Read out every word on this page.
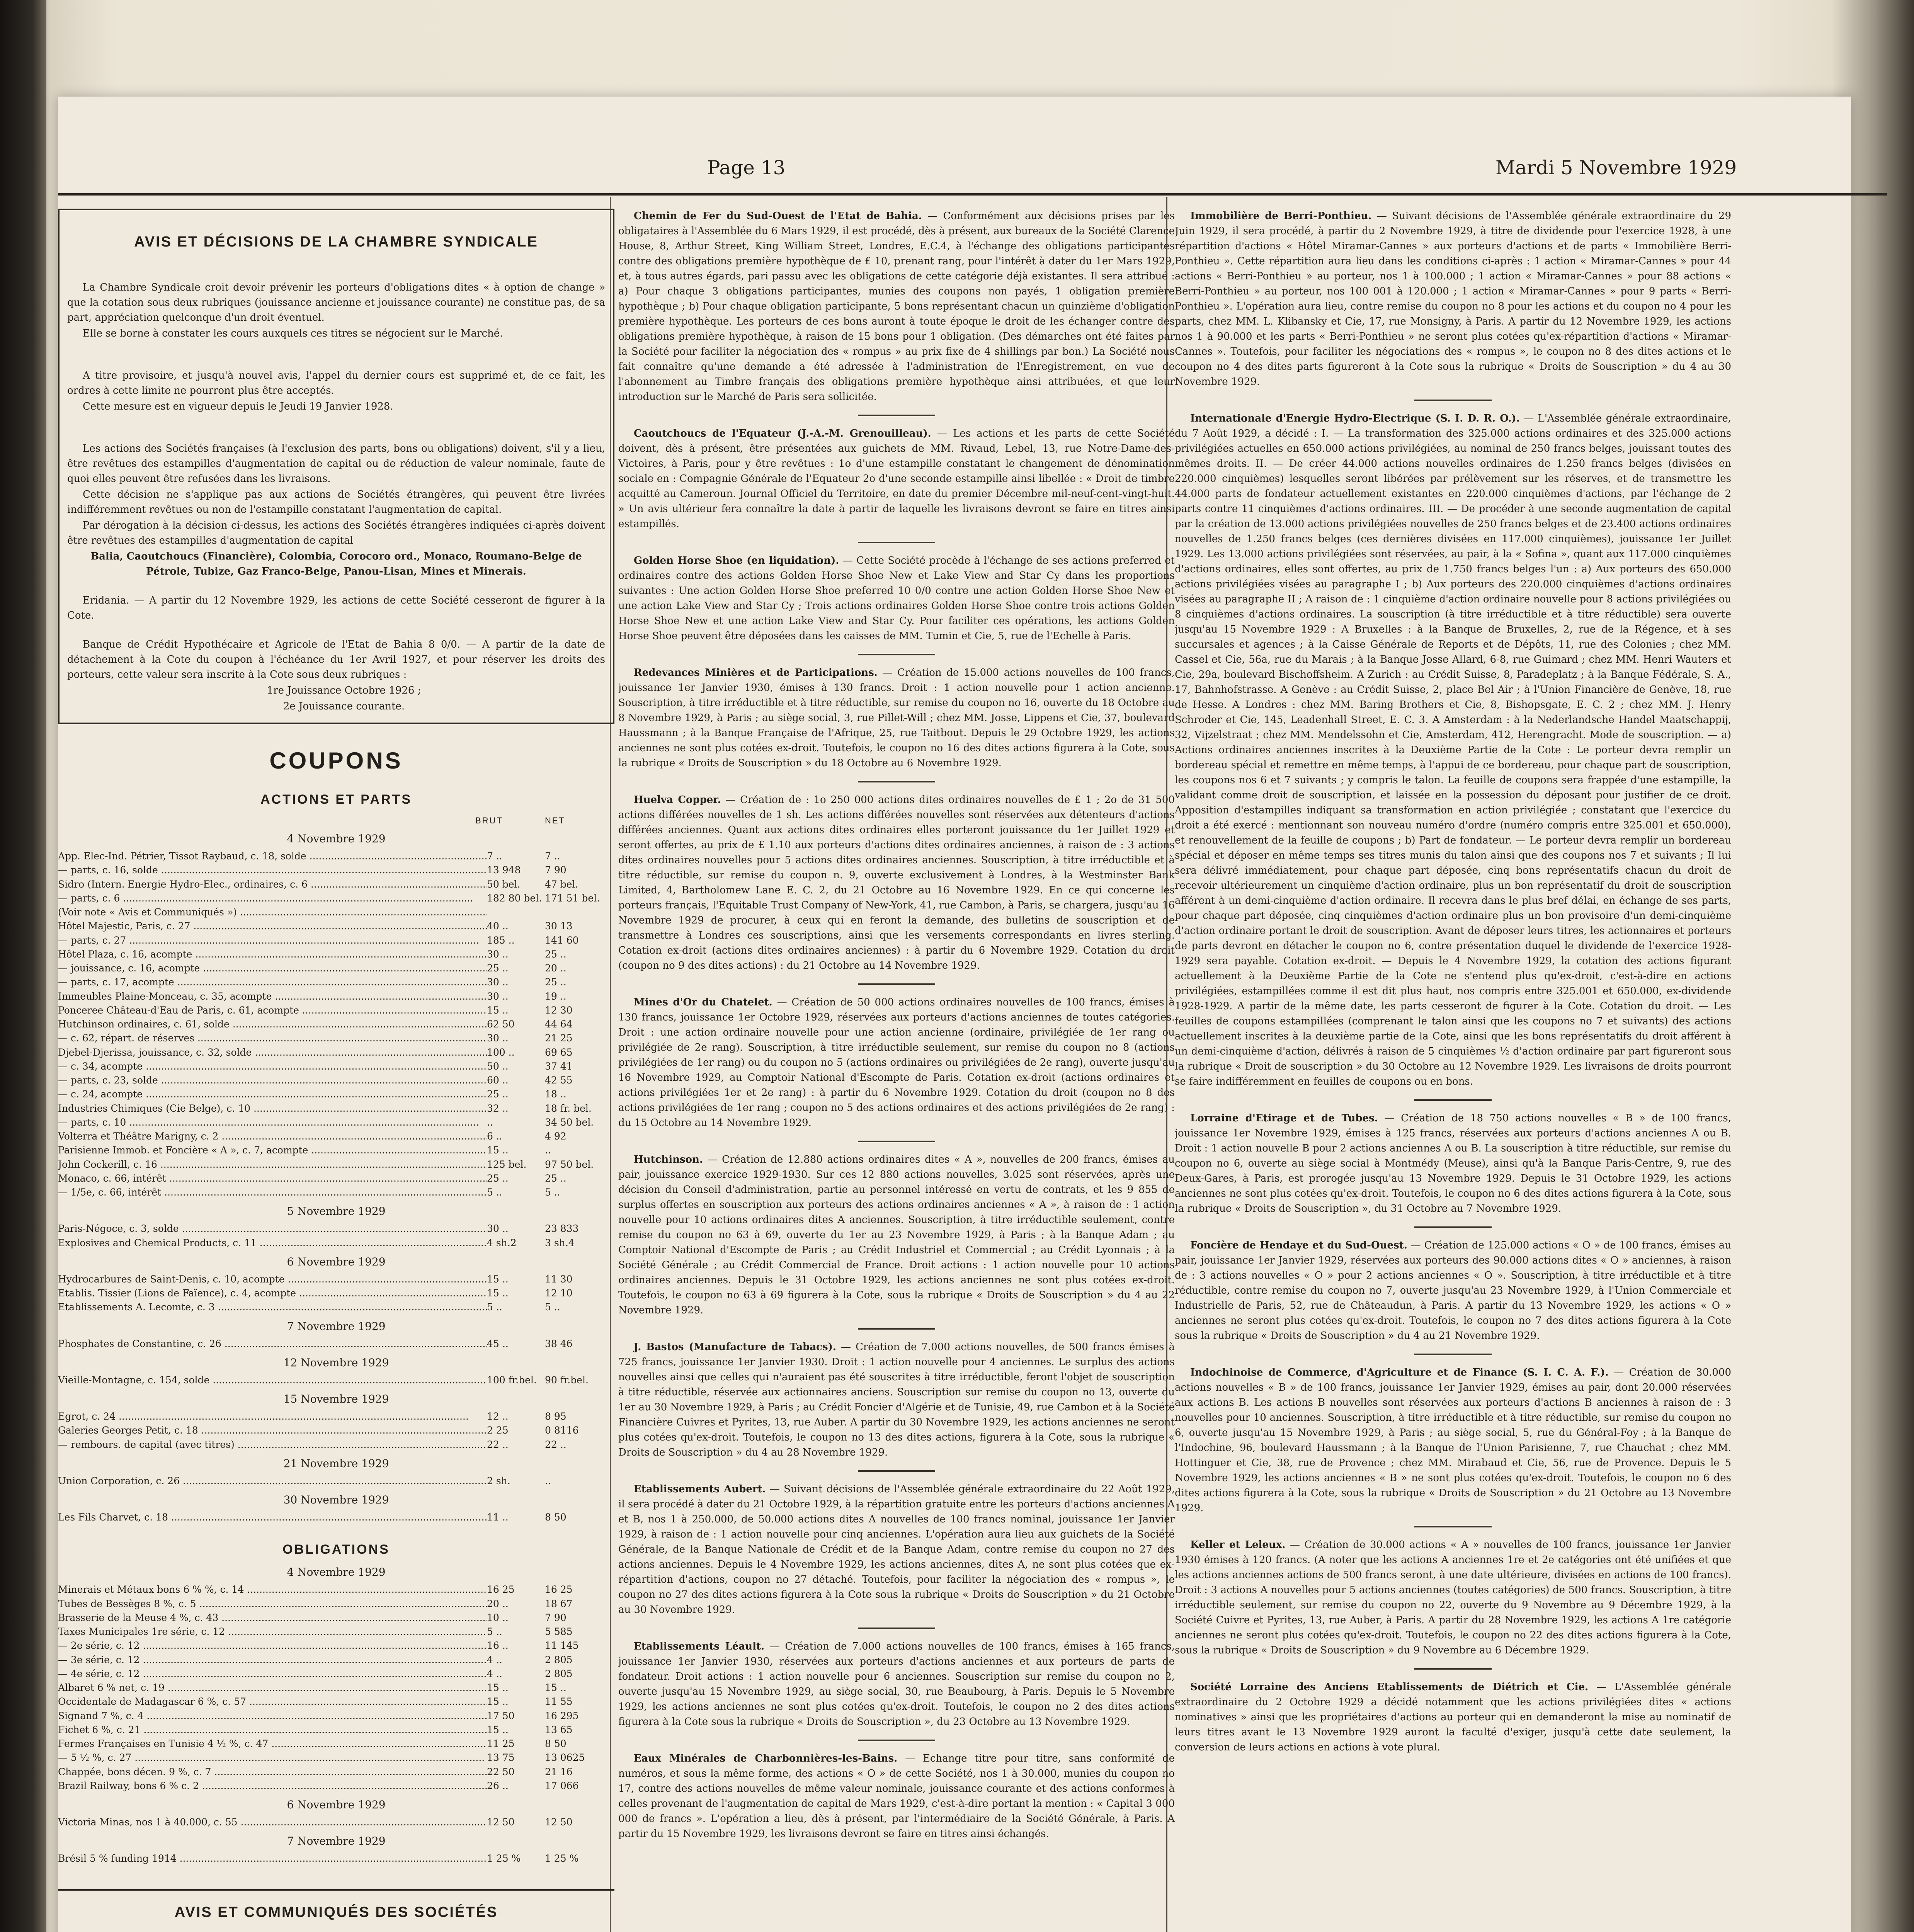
Page 13	Mardi 5 Novembre 1929
AVIS ET DÉCISIONS DE LA CHAMBRE SYNDICALE

La Chambre Syndicale croit devoir prévenir les porteurs d'obligations dites « à option de change » que la cotation sous deux rubriques (jouissance ancienne et jouissance courante) ne constitue pas, de sa part, appréciation quelconque d'un droit éventuel.

Elle se borne à constater les cours auxquels ces titres se négocient sur le Marché.

A titre provisoire, et jusqu'à nouvel avis, l'appel du dernier cours est supprimé et, de ce fait, les ordres à cette limite ne pourront plus être acceptés.

Cette mesure est en vigueur depuis le Jeudi 19 Janvier 1928.

Les actions des Sociétés françaises (à l'exclusion des parts, bons ou obligations) doivent, s'il y a lieu, être revêtues des estampilles d'augmentation de capital ou de réduction de valeur nominale, faute de quoi elles peuvent être refusées dans les livraisons.

Cette décision ne s'applique pas aux actions de Sociétés étrangères, qui peuvent être livrées indifféremment revêtues ou non de l'estampille constatant l'augmentation de capital.

Par dérogation à la décision ci-dessus, les actions des Sociétés étrangères indiquées ci-après doivent être revêtues des estampilles d'augmentation de capital

Balia, Caoutchoucs (Financière), Colombia, Corocoro ord., Monaco, Roumano-Belge de Pétrole, Tubize, Gaz Franco-Belge, Panou-Lisan, Mines et Minerais.

Eridania. — A partir du 12 Novembre 1929, les actions de cette Société cesseront de figurer à la Cote.

Banque de Crédit Hypothécaire et Agricole de l'Etat de Bahia 8 0/0. — A partir de la date de détachement à la Cote du coupon à l'échéance du 1er Avril 1927, et pour réserver les droits des porteurs, cette valeur sera inscrite à la Cote sous deux rubriques :

1re Jouissance Octobre 1926 ;

2e Jouissance courante.

COUPONS
ACTIONS ET PARTS
BRUT	NET
4 Novembre 1929
App. Elec-Ind. Pétrier, Tissot Raybaud, c. 18, solde .....	7 ..	7 ..
— parts, c. 16, solde .....	13 948	7 90
Sidro (Intern. Energie Hydro-Elec., ordinaires, c. 6 .....	50 bel.	47 bel.
— parts, c. 6 .....	182 80 bel. 171 51 bel.
(Voir note « Avis et Communiqués ») .....
Hôtel Majestic, Paris, c. 27 .....	40 ..	30 13
— parts, c. 27 .....	185 ..	141 60
Hôtel Plaza, c. 16, acompte .....	30 ..	25 ..
— jouissance, c. 16, acompte .....	25 ..	20 ..
— parts, c. 17, acompte .....	30 ..	25 ..
Immeubles Plaine-Monceau, c. 35, acompte .....	30 ..	19 ..
Ponceree Château-d'Eau de Paris, c. 61, acompte .....	15 ..	12 30
Hutchinson ordinaires, c. 61, solde .....	62 50	44 64
— c. 62, répart. de réserves .....	30 ..	21 25
Djebel-Djerissa, jouissance, c. 32, solde .....	100 ..	69 65
— c. 34, acompte .....	50 ..	37 41
— parts, c. 23, solde .....	60 ..	42 55
— c. 24, acompte .....	25 ..	18 ..
Industries Chimiques (Cie Belge), c. 10 .....	32 ..	18 fr. bel.
— parts, c. 10 .....	..	34 50 bel.
Volterra et Théâtre Marigny, c. 2 .....	6 ..	4 92
Parisienne Immob. et Foncière « A », c. 7, acompte .....	15 ..	..
John Cockerill, c. 16 .....	125 bel.	97 50 bel.
Monaco, c. 66, intérêt .....	25 ..	25 ..
— 1/5e, c. 66, intérêt .....	5 ..	5 ..
5 Novembre 1929
Paris-Négoce, c. 3, solde .....	30 ..	23 833
Explosives and Chemical Products, c. 11 .....	4 sh.2	3 sh.4
6 Novembre 1929
Hydrocarbures de Saint-Denis, c. 10, acompte .....	15 ..	11 30
Etablis. Tissier (Lions de Faïence), c. 4, acompte .....	15 ..	12 10
Etablissements A. Lecomte, c. 3 .....	5 ..	5 ..
7 Novembre 1929
Phosphates de Constantine, c. 26 .....	45 ..	38 46
12 Novembre 1929
Vieille-Montagne, c. 154, solde .....	100 fr.bel. 90 fr.bel.
15 Novembre 1929
Egrot, c. 24 .....	12 ..	8 95
Galeries Georges Petit, c. 18 .....	2 25	0 8116
— rembours. de capital (avec titres) .....	22 ..	22 ..
21 Novembre 1929
Union Corporation, c. 26 .....	2 sh.	..
30 Novembre 1929
Les Fils Charvet, c. 18 .....	11 ..	8 50
OBLIGATIONS
4 Novembre 1929
Minerais et Métaux bons 6 % %, c. 14 .....	16 25	16 25
Tubes de Bessèges 8 %, c. 5 .....	20 ..	18 67
Brasserie de la Meuse 4 %, c. 43 .....	10 ..	7 90
Taxes Municipales 1re série, c. 12 .....	5 ..	5 585
— 2e série, c. 12 .....	16 ..	11 145
— 3e série, c. 12 .....	4 ..	2 805
— 4e série, c. 12 .....	4 ..	2 805
Albaret 6 % net, c. 19 .....	15 ..	15 ..
Occidentale de Madagascar 6 %, c. 57 .....	15 ..	11 55
Signand 7 %, c. 4 .....	17 50	16 295
Fichet 6 %, c. 21 .....	15 ..	13 65
Fermes Françaises en Tunisie 4 ½ %, c. 47 .....	11 25	8 50
— 5 ½ %, c. 27 .....	13 75	13 0625
Chappée, bons décen. 9 %, c. 7 .....	22 50	21 16
Brazil Railway, bons 6 % c. 2 .....	26 ..	17 066
6 Novembre 1929
Victoria Minas, nos 1 à 40.000, c. 55 .....	12 50	12 50
7 Novembre 1929
Brésil 5 % funding 1914 .....	1 25 %	1 25 %
AVIS ET COMMUNIQUÉS DES SOCIÉTÉS

Chemin de Fer du Sud-Ouest de l'Etat de Bahia. — Conformément aux décisions prises par les obligataires à l'Assemblée du 6 Mars 1929, il est procédé, dès à présent, aux bureaux de la Société Clarence House, 8, Arthur Street, King William Street, Londres, E.C.4, à l'échange des obligations participantes contre des obligations première hypothèque de £ 10, prenant rang, pour l'intérêt à dater du 1er Mars 1929, et, à tous autres égards, pari passu avec les obligations de cette catégorie déjà existantes. Il sera attribué : a) Pour chaque 3 obligations participantes, munies des coupons non payés, 1 obligation première hypothèque ; b) Pour chaque obligation participante, 5 bons représentant chacun un quinzième d'obligation première hypothèque. Les porteurs de ces bons auront à toute époque le droit de les échanger contre des obligations première hypothèque, à raison de 15 bons pour 1 obligation. (Des démarches ont été faites par la Société pour faciliter la négociation des « rompus » au prix fixe de 4 shillings par bon.) La Société nous fait connaître qu'une demande a été adressée à l'administration de l'Enregistrement, en vue de l'abonnement au Timbre français des obligations première hypothèque ainsi attribuées, et que leur introduction sur le Marché de Paris sera sollicitée.

Caoutchoucs de l'Equateur (J.-A.-M. Grenouilleau). — Les actions et les parts de cette Société doivent, dès à présent, être présentées aux guichets de MM. Rivaud, Lebel, 13, rue Notre-Dame-des-Victoires, à Paris, pour y être revêtues : 1o d'une estampille constatant le changement de dénomination sociale en : Compagnie Générale de l'Equateur 2o d'une seconde estampille ainsi libellée : « Droit de timbre acquitté au Cameroun. Journal Officiel du Territoire, en date du premier Décembre mil-neuf-cent-vingt-huit. » Un avis ultérieur fera connaître la date à partir de laquelle les livraisons devront se faire en titres ainsi estampillés.

Golden Horse Shoe (en liquidation). — Cette Société procède à l'échange de ses actions preferred et ordinaires contre des actions Golden Horse Shoe New et Lake View and Star Cy dans les proportions suivantes : Une action Golden Horse Shoe preferred 10 0/0 contre une action Golden Horse Shoe New et une action Lake View and Star Cy ; Trois actions ordinaires Golden Horse Shoe contre trois actions Golden Horse Shoe New et une action Lake View and Star Cy. Pour faciliter ces opérations, les actions Golden Horse Shoe peuvent être déposées dans les caisses de MM. Tumin et Cie, 5, rue de l'Echelle à Paris.

Redevances Minières et de Participations. — Création de 15.000 actions nouvelles de 100 francs, jouissance 1er Janvier 1930, émises à 130 francs. Droit : 1 action nouvelle pour 1 action ancienne. Souscription, à titre irréductible et à titre réductible, sur remise du coupon no 16, ouverte du 18 Octobre au 8 Novembre 1929, à Paris ; au siège social, 3, rue Pillet-Will ; chez MM. Josse, Lippens et Cie, 37, boulevard Haussmann ; à la Banque Française de l'Afrique, 25, rue Taitbout. Depuis le 29 Octobre 1929, les actions anciennes ne sont plus cotées ex-droit. Toutefois, le coupon no 16 des dites actions figurera à la Cote, sous la rubrique « Droits de Souscription » du 18 Octobre au 6 Novembre 1929.

Huelva Copper. — Création de : 1o 250 000 actions dites ordinaires nouvelles de £ 1 ; 2o de 31 500 actions différées nouvelles de 1 sh. Les actions différées nouvelles sont réservées aux détenteurs d'actions différées anciennes. Quant aux actions dites ordinaires elles porteront jouissance du 1er Juillet 1929 et seront offertes, au prix de £ 1.10 aux porteurs d'actions dites ordinaires anciennes, à raison de : 3 actions dites ordinaires nouvelles pour 5 actions dites ordinaires anciennes. Souscription, à titre irréductible et à titre réductible, sur remise du coupon n. 9, ouverte exclusivement à Londres, à la Westminster Bank Limited, 4, Bartholomew Lane E. C. 2, du 21 Octobre au 16 Novembre 1929. En ce qui concerne les porteurs français, l'Equitable Trust Company of New-York, 41, rue Cambon, à Paris, se chargera, jusqu'au 16 Novembre 1929 de procurer, à ceux qui en feront la demande, des bulletins de souscription et de transmettre à Londres ces souscriptions, ainsi que les versements correspondants en livres sterling. Cotation ex-droit (actions dites ordinaires anciennes) : à partir du 6 Novembre 1929. Cotation du droit (coupon no 9 des dites actions) : du 21 Octobre au 14 Novembre 1929.

Mines d'Or du Chatelet. — Création de 50 000 actions ordinaires nouvelles de 100 francs, émises à 130 francs, jouissance 1er Octobre 1929, réservées aux porteurs d'actions anciennes de toutes catégories. Droit : une action ordinaire nouvelle pour une action ancienne (ordinaire, privilégiée de 1er rang ou privilégiée de 2e rang). Souscription, à titre irréductible seulement, sur remise du coupon no 8 (actions privilégiées de 1er rang) ou du coupon no 5 (actions ordinaires ou privilégiées de 2e rang), ouverte jusqu'au 16 Novembre 1929, au Comptoir National d'Escompte de Paris. Cotation ex-droit (actions ordinaires et actions privilégiées 1er et 2e rang) : à partir du 6 Novembre 1929. Cotation du droit (coupon no 8 des actions privilégiées de 1er rang ; coupon no 5 des actions ordinaires et des actions privilégiées de 2e rang) : du 15 Octobre au 14 Novembre 1929.

Hutchinson. — Création de 12.880 actions ordinaires dites « A », nouvelles de 200 francs, émises au pair, jouissance exercice 1929-1930. Sur ces 12 880 actions nouvelles, 3.025 sont réservées, après une décision du Conseil d'administration, partie au personnel intéressé en vertu de contrats, et les 9 855 de surplus offertes en souscription aux porteurs des actions ordinaires anciennes « A », à raison de : 1 action nouvelle pour 10 actions ordinaires dites A anciennes. Souscription, à titre irréductible seulement, contre remise du coupon no 63 à 69, ouverte du 1er au 23 Novembre 1929, à Paris ; à la Banque Adam ; au Comptoir National d'Escompte de Paris ; au Crédit Industriel et Commercial ; au Crédit Lyonnais ; à la Société Générale ; au Crédit Commercial de France. Droit actions : 1 action nouvelle pour 10 actions ordinaires anciennes. Depuis le 31 Octobre 1929, les actions anciennes ne sont plus cotées ex-droit. Toutefois, le coupon no 63 à 69 figurera à la Cote, sous la rubrique « Droits de Souscription » du 4 au 22 Novembre 1929.

J. Bastos (Manufacture de Tabacs). — Création de 7.000 actions nouvelles, de 500 francs émises à 725 francs, jouissance 1er Janvier 1930. Droit : 1 action nouvelle pour 4 anciennes. Le surplus des actions nouvelles ainsi que celles qui n'auraient pas été souscrites à titre irréductible, feront l'objet de souscription à titre réductible, réservée aux actionnaires anciens. Souscription sur remise du coupon no 13, ouverte du 1er au 30 Novembre 1929, à Paris ; au Crédit Foncier d'Algérie et de Tunisie, 49, rue Cambon et à la Société Financière Cuivres et Pyrites, 13, rue Auber. A partir du 30 Novembre 1929, les actions anciennes ne seront plus cotées qu'ex-droit. Toutefois, le coupon no 13 des dites actions, figurera à la Cote, sous la rubrique « Droits de Souscription » du 4 au 28 Novembre 1929.

Etablissements Aubert. — Suivant décisions de l'Assemblée générale extraordinaire du 22 Août 1929, il sera procédé à dater du 21 Octobre 1929, à la répartition gratuite entre les porteurs d'actions anciennes A et B, nos 1 à 250.000, de 50.000 actions dites A nouvelles de 100 francs nominal, jouissance 1er Janvier 1929, à raison de : 1 action nouvelle pour cinq anciennes. L'opération aura lieu aux guichets de la Société Générale, de la Banque Nationale de Crédit et de la Banque Adam, contre remise du coupon no 27 des actions anciennes. Depuis le 4 Novembre 1929, les actions anciennes, dites A, ne sont plus cotées que ex-répartition d'actions, coupon no 27 détaché. Toutefois, pour faciliter la négociation des « rompus », le coupon no 27 des dites actions figurera à la Cote sous la rubrique « Droits de Souscription » du 21 Octobre au 30 Novembre 1929.

Etablissements Léault. — Création de 7.000 actions nouvelles de 100 francs, émises à 165 francs, jouissance 1er Janvier 1930, réservées aux porteurs d'actions anciennes et aux porteurs de parts de fondateur. Droit actions : 1 action nouvelle pour 6 anciennes. Souscription sur remise du coupon no 2, ouverte jusqu'au 15 Novembre 1929, au siège social, 30, rue Beaubourg, à Paris. Depuis le 5 Novembre 1929, les actions anciennes ne sont plus cotées qu'ex-droit. Toutefois, le coupon no 2 des dites actions figurera à la Cote sous la rubrique « Droits de Souscription », du 23 Octobre au 13 Novembre 1929.

Eaux Minérales de Charbonnières-les-Bains. — Echange titre pour titre, sans conformité de numéros, et sous la même forme, des actions « O » de cette Société, nos 1 à 30.000, munies du coupon no 17, contre des actions nouvelles de même valeur nominale, jouissance courante et des actions conformes à celles provenant de l'augmentation de capital de Mars 1929, c'est-à-dire portant la mention : « Capital 3 000 000 de francs ». L'opération a lieu, dès à présent, par l'intermédiaire de la Société Générale, à Paris. A partir du 15 Novembre 1929, les livraisons devront se faire en titres ainsi échangés.

Immobilière de Berri-Ponthieu. — Suivant décisions de l'Assemblée générale extraordinaire du 29 Juin 1929, il sera procédé, à partir du 2 Novembre 1929, à titre de dividende pour l'exercice 1928, à une répartition d'actions « Hôtel Miramar-Cannes » aux porteurs d'actions et de parts « Immobilière Berri-Ponthieu ». Cette répartition aura lieu dans les conditions ci-après : 1 action « Miramar-Cannes » pour 44 actions « Berri-Ponthieu » au porteur, nos 1 à 100.000 ; 1 action « Miramar-Cannes » pour 88 actions « Berri-Ponthieu » au porteur, nos 100 001 à 120.000 ; 1 action « Miramar-Cannes » pour 9 parts « Berri-Ponthieu ». L'opération aura lieu, contre remise du coupon no 8 pour les actions et du coupon no 4 pour les parts, chez MM. L. Klibansky et Cie, 17, rue Monsigny, à Paris. A partir du 12 Novembre 1929, les actions nos 1 à 90.000 et les parts « Berri-Ponthieu » ne seront plus cotées qu'ex-répartition d'actions « Miramar-Cannes ». Toutefois, pour faciliter les négociations des « rompus », le coupon no 8 des dites actions et le coupon no 4 des dites parts figureront à la Cote sous la rubrique « Droits de Souscription » du 4 au 30 Novembre 1929.

Internationale d'Energie Hydro-Electrique (S. I. D. R. O.). — L'Assemblée générale extraordinaire, du 7 Août 1929, a décidé : I. — La transformation des 325.000 actions ordinaires et des 325.000 actions privilégiées actuelles en 650.000 actions privilégiées, au nominal de 250 francs belges, jouissant toutes des mêmes droits. II. — De créer 44.000 actions nouvelles ordinaires de 1.250 francs belges (divisées en 220.000 cinquièmes) lesquelles seront libérées par prélèvement sur les réserves, et de transmettre les 44.000 parts de fondateur actuellement existantes en 220.000 cinquièmes d'actions, par l'échange de 2 parts contre 11 cinquièmes d'actions ordinaires. III. — De procéder à une seconde augmentation de capital par la création de 13.000 actions privilégiées nouvelles de 250 francs belges et de 23.400 actions ordinaires nouvelles de 1.250 francs belges (ces dernières divisées en 117.000 cinquièmes), jouissance 1er Juillet 1929. Les 13.000 actions privilégiées sont réservées, au pair, à la « Sofina », quant aux 117.000 cinquièmes d'actions ordinaires, elles sont offertes, au prix de 1.750 francs belges l'un : a) Aux porteurs des 650.000 actions privilégiées visées au paragraphe I ; b) Aux porteurs des 220.000 cinquièmes d'actions ordinaires visées au paragraphe II ; A raison de : 1 cinquième d'action ordinaire nouvelle pour 8 actions privilégiées ou 8 cinquièmes d'actions ordinaires. La souscription (à titre irréductible et à titre réductible) sera ouverte jusqu'au 15 Novembre 1929 : A Bruxelles : à la Banque de Bruxelles, 2, rue de la Régence, et à ses succursales et agences ; à la Caisse Générale de Reports et de Dépôts, 11, rue des Colonies ; chez MM. Cassel et Cie, 56a, rue du Marais ; à la Banque Josse Allard, 6-8, rue Guimard ; chez MM. Henri Wauters et Cie, 29a, boulevard Bischoffsheim. A Zurich : au Crédit Suisse, 8, Paradeplatz ; à la Banque Fédérale, S. A., 17, Bahnhofstrasse. A Genève : au Crédit Suisse, 2, place Bel Air ; à l'Union Financière de Genève, 18, rue de Hesse. A Londres : chez MM. Baring Brothers et Cie, 8, Bishopsgate, E. C. 2 ; chez MM. J. Henry Schroder et Cie, 145, Leadenhall Street, E. C. 3. A Amsterdam : à la Nederlandsche Handel Maatschappij, 32, Vijzelstraat ; chez MM. Mendelssohn et Cie, Amsterdam, 412, Herengracht. Mode de souscription. — a) Actions ordinaires anciennes inscrites à la Deuxième Partie de la Cote : Le porteur devra remplir un bordereau spécial et remettre en même temps, à l'appui de ce bordereau, pour chaque part de souscription, les coupons nos 6 et 7 suivants ; y compris le talon. La feuille de coupons sera frappée d'une estampille, la validant comme droit de souscription, et laissée en la possession du déposant pour justifier de ce droit. Apposition d'estampilles indiquant sa transformation en action privilégiée ; constatant que l'exercice du droit a été exercé : mentionnant son nouveau numéro d'ordre (numéro compris entre 325.001 et 650.000), et renouvellement de la feuille de coupons ; b) Part de fondateur. — Le porteur devra remplir un bordereau spécial et déposer en même temps ses titres munis du talon ainsi que des coupons nos 7 et suivants ; Il lui sera délivré immédiatement, pour chaque part déposée, cinq bons représentatifs chacun du droit de recevoir ultérieurement un cinquième d'action ordinaire, plus un bon représentatif du droit de souscription afférent à un demi-cinquième d'action ordinaire. Il recevra dans le plus bref délai, en échange de ses parts, pour chaque part déposée, cinq cinquièmes d'action ordinaire plus un bon provisoire d'un demi-cinquième d'action ordinaire portant le droit de souscription. Avant de déposer leurs titres, les actionnaires et porteurs de parts devront en détacher le coupon no 6, contre présentation duquel le dividende de l'exercice 1928-1929 sera payable. Cotation ex-droit. — Depuis le 4 Novembre 1929, la cotation des actions figurant actuellement à la Deuxième Partie de la Cote ne s'entend plus qu'ex-droit, c'est-à-dire en actions privilégiées, estampillées comme il est dit plus haut, nos compris entre 325.001 et 650.000, ex-dividende 1928-1929. A partir de la même date, les parts cesseront de figurer à la Cote. Cotation du droit. — Les feuilles de coupons estampillées (comprenant le talon ainsi que les coupons no 7 et suivants) des actions actuellement inscrites à la deuxième partie de la Cote, ainsi que les bons représentatifs du droit afférent à un demi-cinquième d'action, délivrés à raison de 5 cinquièmes ½ d'action ordinaire par part figureront sous la rubrique « Droit de souscription » du 30 Octobre au 12 Novembre 1929. Les livraisons de droits pourront se faire indifféremment en feuilles de coupons ou en bons.

Lorraine d'Etirage et de Tubes. — Création de 18 750 actions nouvelles « B » de 100 francs, jouissance 1er Novembre 1929, émises à 125 francs, réservées aux porteurs d'actions anciennes A ou B. Droit : 1 action nouvelle B pour 2 actions anciennes A ou B. La souscription à titre réductible, sur remise du coupon no 6, ouverte au siège social à Montmédy (Meuse), ainsi qu'à la Banque Paris-Centre, 9, rue des Deux-Gares, à Paris, est prorogée jusqu'au 13 Novembre 1929. Depuis le 31 Octobre 1929, les actions anciennes ne sont plus cotées qu'ex-droit. Toutefois, le coupon no 6 des dites actions figurera à la Cote, sous la rubrique « Droits de Souscription », du 31 Octobre au 7 Novembre 1929.

Foncière de Hendaye et du Sud-Ouest. — Création de 125.000 actions « O » de 100 francs, émises au pair, jouissance 1er Janvier 1929, réservées aux porteurs des 90.000 actions dites « O » anciennes, à raison de : 3 actions nouvelles « O » pour 2 actions anciennes « O ». Souscription, à titre irréductible et à titre réductible, contre remise du coupon no 7, ouverte jusqu'au 23 Novembre 1929, à l'Union Commerciale et Industrielle de Paris, 52, rue de Châteaudun, à Paris. A partir du 13 Novembre 1929, les actions « O » anciennes ne seront plus cotées qu'ex-droit. Toutefois, le coupon no 7 des dites actions figurera à la Cote sous la rubrique « Droits de Souscription » du 4 au 21 Novembre 1929.

Indochinoise de Commerce, d'Agriculture et de Finance (S. I. C. A. F.). — Création de 30.000 actions nouvelles « B » de 100 francs, jouissance 1er Janvier 1929, émises au pair, dont 20.000 réservées aux actions B. Les actions B nouvelles sont réservées aux porteurs d'actions B anciennes à raison de : 3 nouvelles pour 10 anciennes. Souscription, à titre irréductible et à titre réductible, sur remise du coupon no 6, ouverte jusqu'au 15 Novembre 1929, à Paris ; au siège social, 5, rue du Général-Foy ; à la Banque de l'Indochine, 96, boulevard Haussmann ; à la Banque de l'Union Parisienne, 7, rue Chauchat ; chez MM. Hottinguer et Cie, 38, rue de Provence ; chez MM. Mirabaud et Cie, 56, rue de Provence. Depuis le 5 Novembre 1929, les actions anciennes « B » ne sont plus cotées qu'ex-droit. Toutefois, le coupon no 6 des dites actions figurera à la Cote, sous la rubrique « Droits de Souscription » du 21 Octobre au 13 Novembre 1929.

Keller et Leleux. — Création de 30.000 actions « A » nouvelles de 100 francs, jouissance 1er Janvier 1930 émises à 120 francs. (A noter que les actions A anciennes 1re et 2e catégories ont été unifiées et que les actions anciennes actions de 500 francs seront, à une date ultérieure, divisées en actions de 100 francs). Droit : 3 actions A nouvelles pour 5 actions anciennes (toutes catégories) de 500 francs. Souscription, à titre irréductible seulement, sur remise du coupon no 22, ouverte du 9 Novembre au 9 Décembre 1929, à la Société Cuivre et Pyrites, 13, rue Auber, à Paris. A partir du 28 Novembre 1929, les actions A 1re catégorie anciennes ne seront plus cotées qu'ex-droit. Toutefois, le coupon no 22 des dites actions figurera à la Cote, sous la rubrique « Droits de Souscription » du 9 Novembre au 6 Décembre 1929.

Société Lorraine des Anciens Etablissements de Diétrich et Cie. — L'Assemblée générale extraordinaire du 2 Octobre 1929 a décidé notamment que les actions privilégiées dites « actions nominatives » ainsi que les propriétaires d'actions au porteur qui en demanderont la mise au nominatif de leurs titres avant le 13 Novembre 1929 auront la faculté d'exiger, jusqu'à cette date seulement, la conversion de leurs actions en actions à vote plural.
